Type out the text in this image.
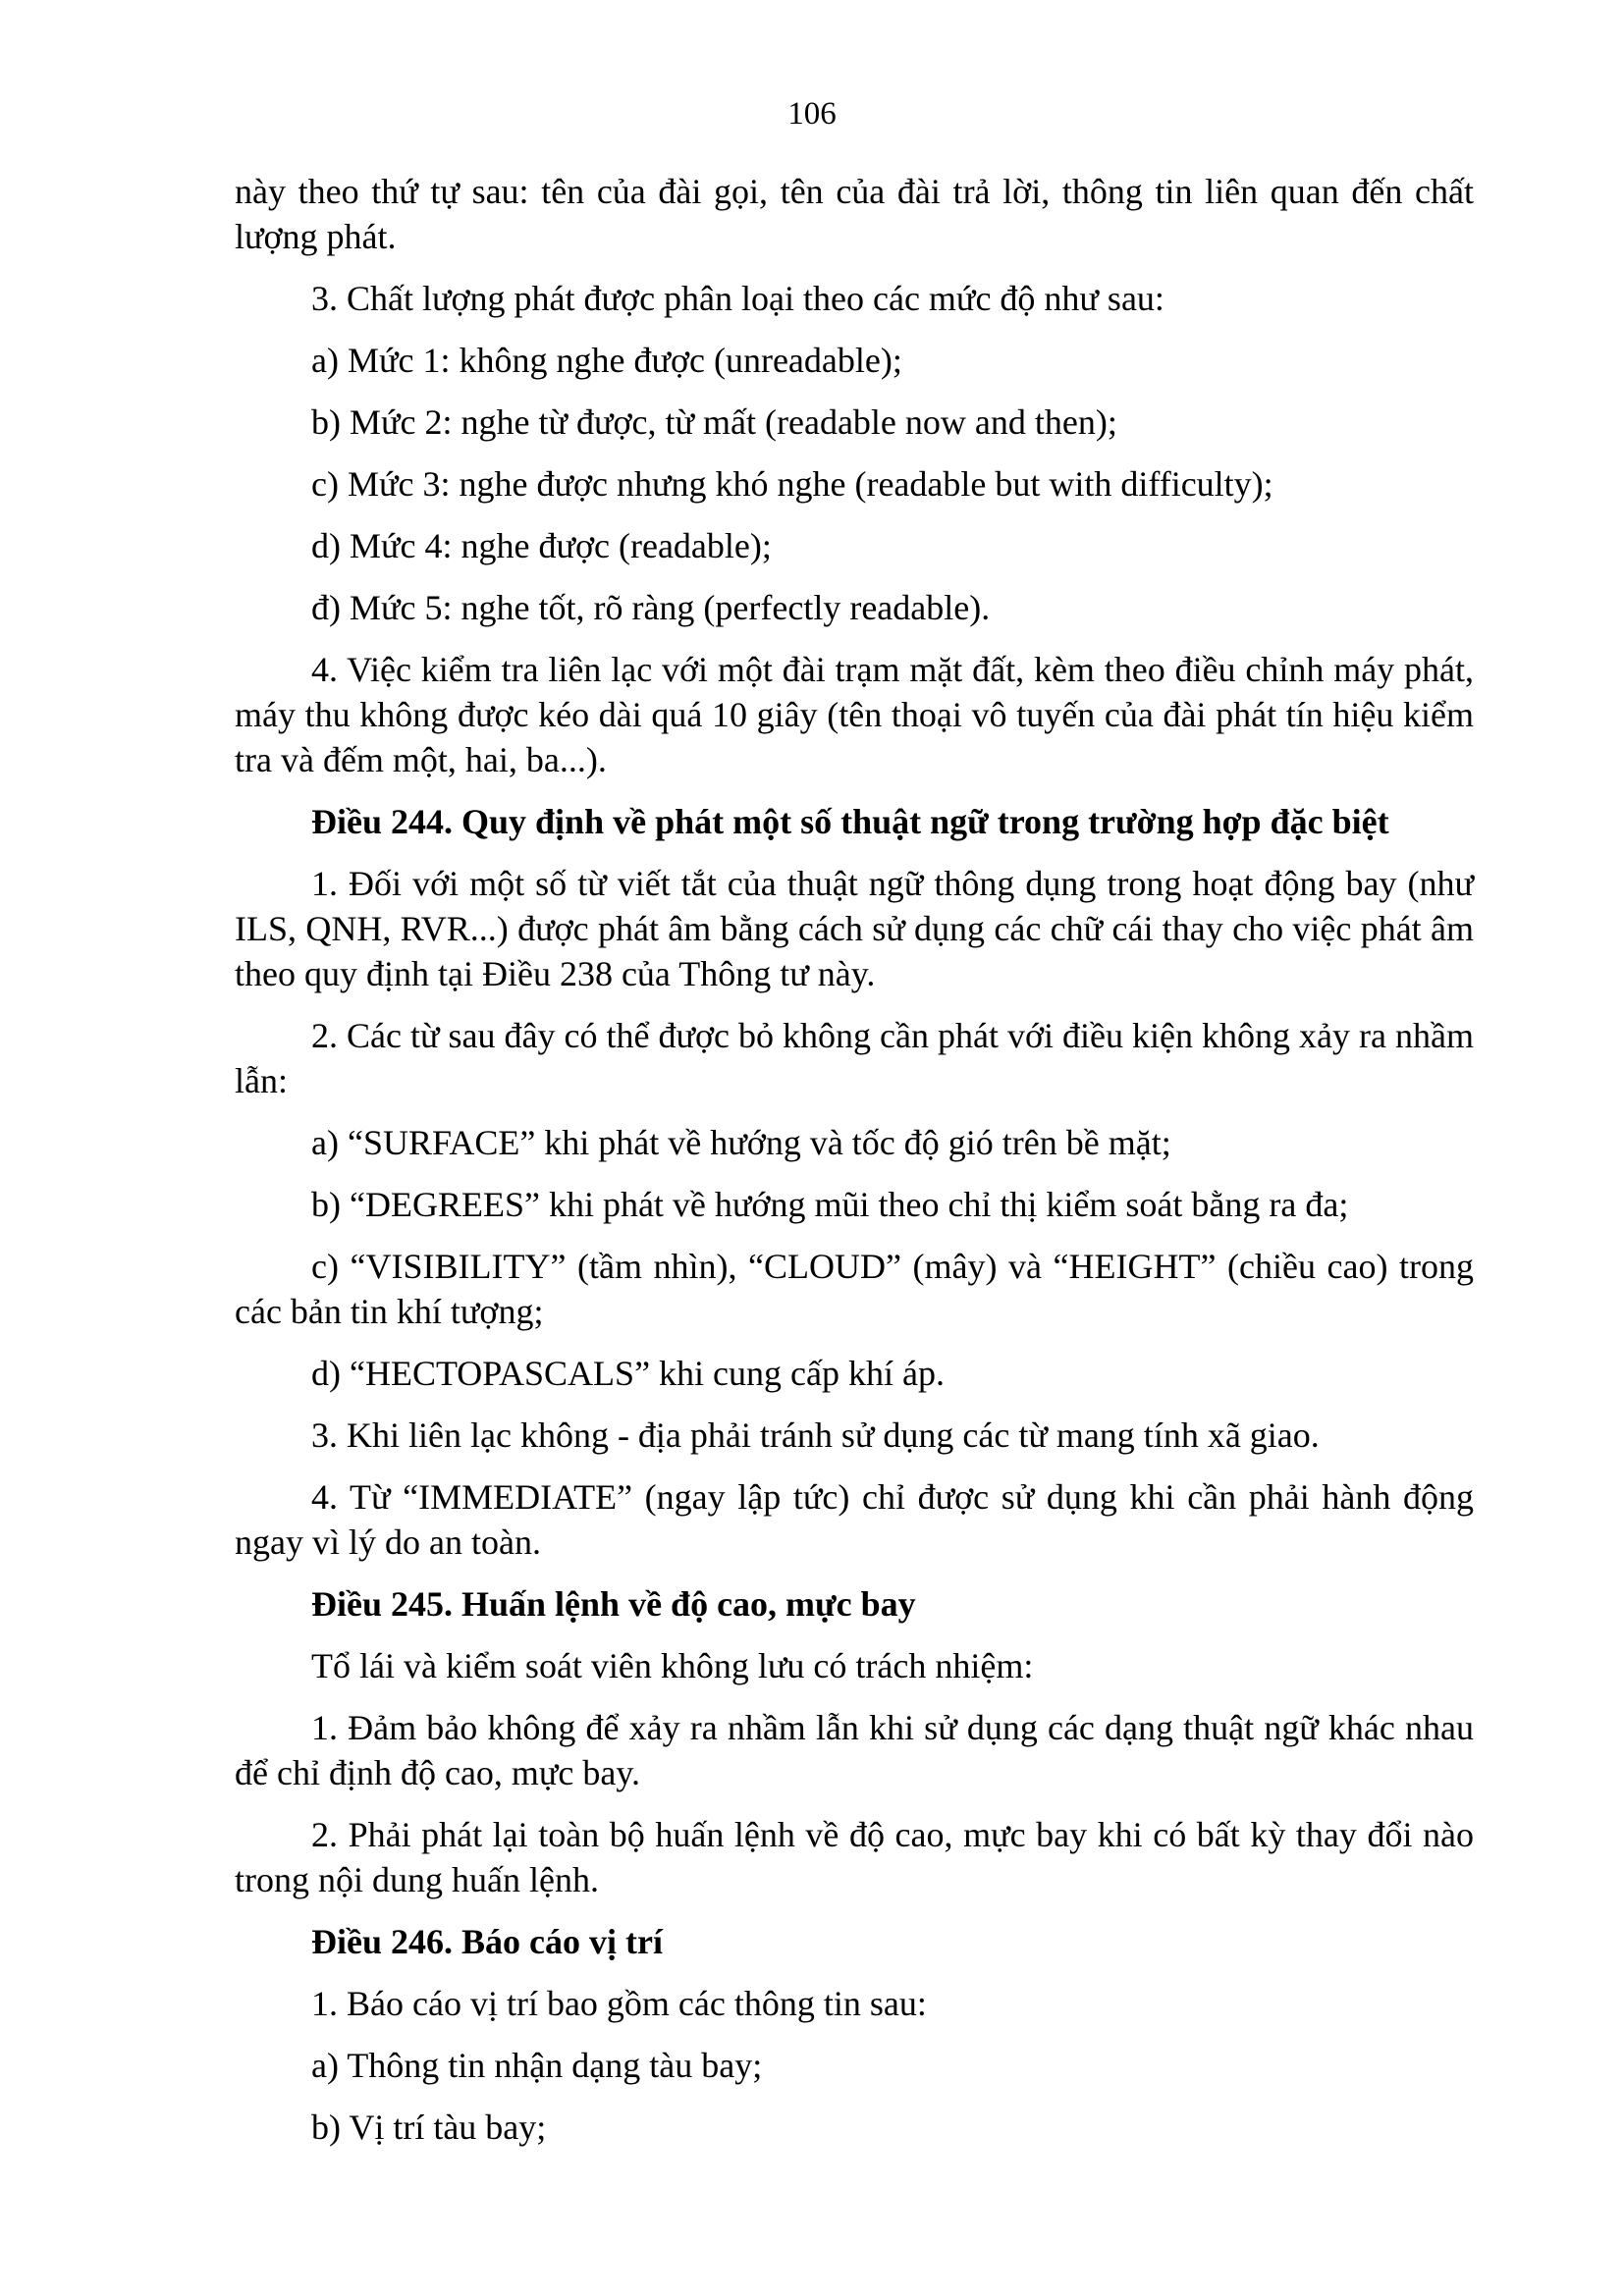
106

này theo thứ tự sau: tên của đài gọi, tên của đài trả lời, thông tin liên quan đến chất lượng phát.

3. Chất lượng phát được phân loại theo các mức độ như sau:

a) Mức 1: không nghe được (unreadable);

b) Mức 2: nghe từ được, từ mất (readable now and then);

c) Mức 3: nghe được nhưng khó nghe (readable but with difficulty);

d) Mức 4: nghe được (readable);

đ) Mức 5: nghe tốt, rõ ràng (perfectly readable).

4. Việc kiểm tra liên lạc với một đài trạm mặt đất, kèm theo điều chỉnh máy phát, máy thu không được kéo dài quá 10 giây (tên thoại vô tuyến của đài phát tín hiệu kiểm tra và đếm một, hai, ba...).

Điều 244. Quy định về phát một số thuật ngữ trong trường hợp đặc biệt

1. Đối với một số từ viết tắt của thuật ngữ thông dụng trong hoạt động bay (như ILS, QNH, RVR...) được phát âm bằng cách sử dụng các chữ cái thay cho việc phát âm theo quy định tại Điều 238 của Thông tư này.

2. Các từ sau đây có thể được bỏ không cần phát với điều kiện không xảy ra nhầm lẫn:

a) “SURFACE” khi phát về hướng và tốc độ gió trên bề mặt;

b) “DEGREES” khi phát về hướng mũi theo chỉ thị kiểm soát bằng ra đa;

c) “VISIBILITY” (tầm nhìn), “CLOUD” (mây) và “HEIGHT” (chiều cao) trong các bản tin khí tượng;

d) “HECTOPASCALS” khi cung cấp khí áp.

3. Khi liên lạc không - địa phải tránh sử dụng các từ mang tính xã giao.

4. Từ “IMMEDIATE” (ngay lập tức) chỉ được sử dụng khi cần phải hành động ngay vì lý do an toàn.

Điều 245. Huấn lệnh về độ cao, mực bay

Tổ lái và kiểm soát viên không lưu có trách nhiệm:

1. Đảm bảo không để xảy ra nhầm lẫn khi sử dụng các dạng thuật ngữ khác nhau để chỉ định độ cao, mực bay.

2. Phải phát lại toàn bộ huấn lệnh về độ cao, mực bay khi có bất kỳ thay đổi nào trong nội dung huấn lệnh.

Điều 246. Báo cáo vị trí

1. Báo cáo vị trí bao gồm các thông tin sau:

a) Thông tin nhận dạng tàu bay;

b) Vị trí tàu bay;
